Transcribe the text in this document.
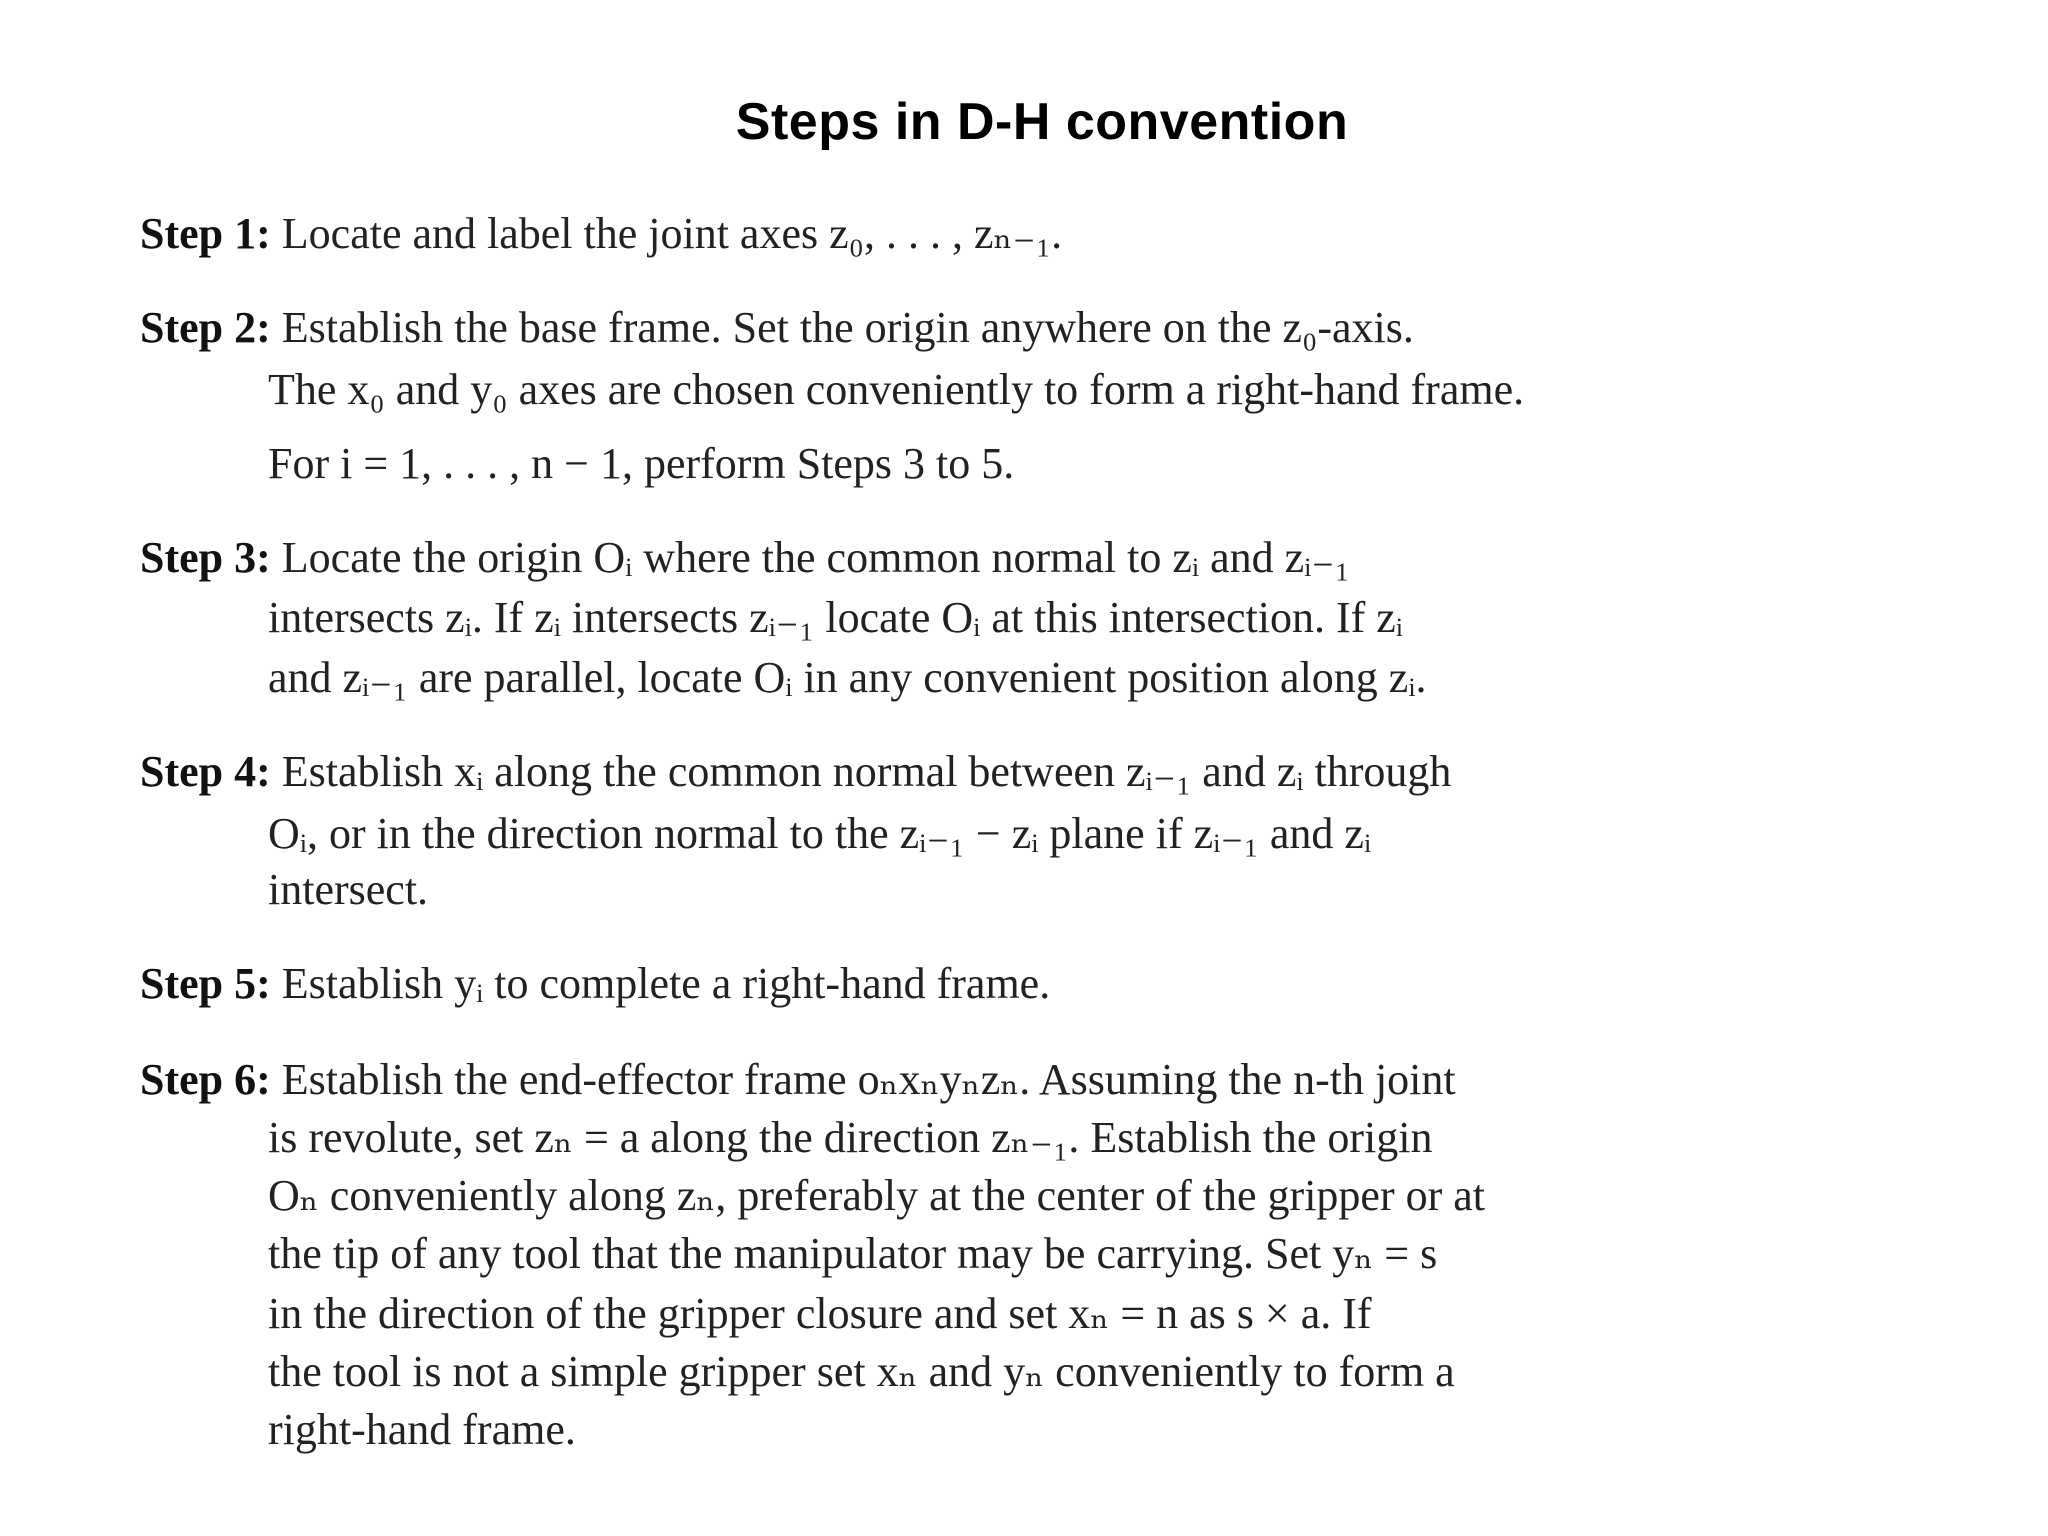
Steps in D-H convention
Step 1: Locate and label the joint axes z₀, . . . , zₙ₋₁.
Step 2: Establish the base frame. Set the origin anywhere on the z₀-axis.
The x₀ and y₀ axes are chosen conveniently to form a right-hand frame.
For i = 1, . . . , n − 1, perform Steps 3 to 5.
Step 3: Locate the origin Oᵢ where the common normal to zᵢ and zᵢ₋₁
intersects zᵢ. If zᵢ intersects zᵢ₋₁ locate Oᵢ at this intersection. If zᵢ
and zᵢ₋₁ are parallel, locate Oᵢ in any convenient position along zᵢ.
Step 4: Establish xᵢ along the common normal between zᵢ₋₁ and zᵢ through
Oᵢ, or in the direction normal to the zᵢ₋₁ − zᵢ plane if zᵢ₋₁ and zᵢ
intersect.
Step 5: Establish yᵢ to complete a right-hand frame.
Step 6: Establish the end-effector frame oₙxₙyₙzₙ. Assuming the n-th joint
is revolute, set zₙ = a along the direction zₙ₋₁. Establish the origin
Oₙ conveniently along zₙ, preferably at the center of the gripper or at
the tip of any tool that the manipulator may be carrying. Set yₙ = s
in the direction of the gripper closure and set xₙ = n as s × a. If
the tool is not a simple gripper set xₙ and yₙ conveniently to form a
right-hand frame.
